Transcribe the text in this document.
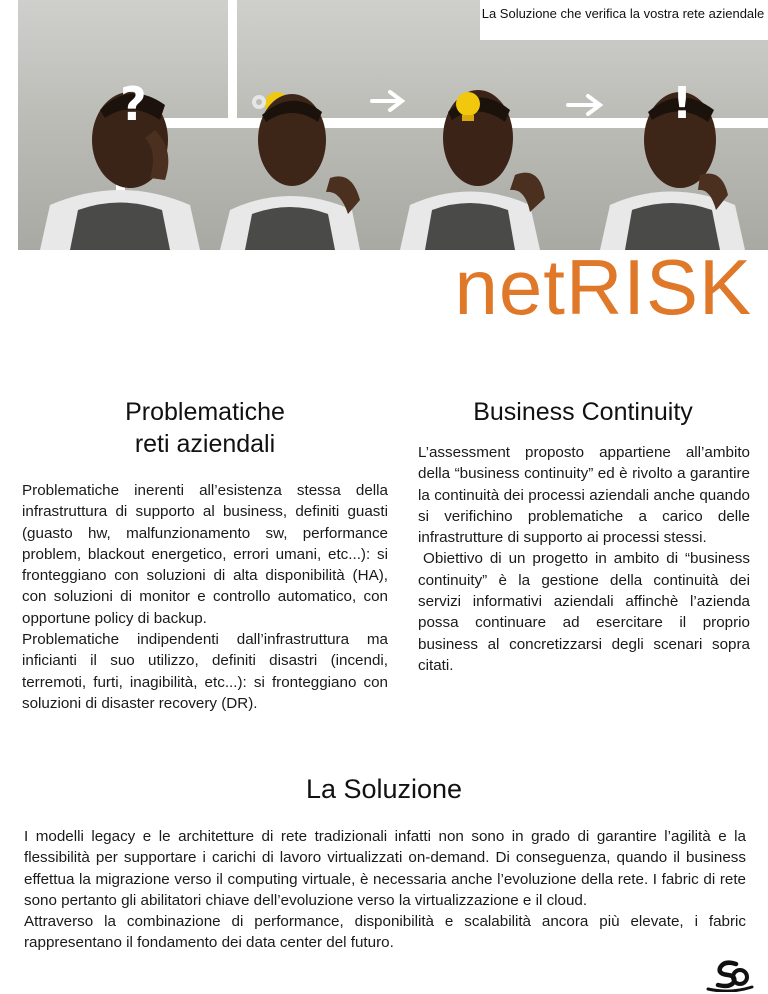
?	!
La Soluzione che verifica la vostra rete aziendale
netRISK
Problematiche
reti aziendali

Problematiche inerenti all’esistenza stessa della infrastruttura di supporto al business, definiti guasti (guasto hw, malfunzionamento sw, performance problem, blackout energetico, errori umani, etc...): si fronteggiano con soluzioni di alta disponibilità (HA), con soluzioni di monitor e controllo automatico, con opportune policy di backup.

Problematiche indipendenti dall’infrastruttura ma inficianti il suo utilizzo, definiti disastri (incendi, terremoti, furti, inagibilità, etc...): si fronteggiano con soluzioni di disaster recovery (DR).

Business Continuity

L’assessment proposto appartiene all’ambito della “business continuity” ed è rivolto a garantire la continuità dei processi aziendali anche quando si verifichino problematiche a carico delle infrastrutture di supporto ai processi stessi.

Obiettivo di un progetto in ambito di “business continuity” è la gestione della continuità dei servizi informativi aziendali affinchè l’azienda possa continuare ad esercitare il proprio business al concretizzarsi degli scenari sopra citati.

La Soluzione

I modelli legacy e le architetture di rete tradizionali infatti non sono in grado di garantire l’agilità e la flessibilità per supportare i carichi di lavoro virtualizzati on-demand. Di conseguenza, quando il business effettua la migrazione verso il computing virtuale, è necessaria anche l’evoluzione della rete. I fabric di rete sono pertanto gli abilitatori chiave dell’evoluzione verso la virtualizzazione e il cloud.

Attraverso la combinazione di performance, disponibilità e scalabilità ancora più elevate, i fabric rappresentano il fondamento dei data center del futuro.
